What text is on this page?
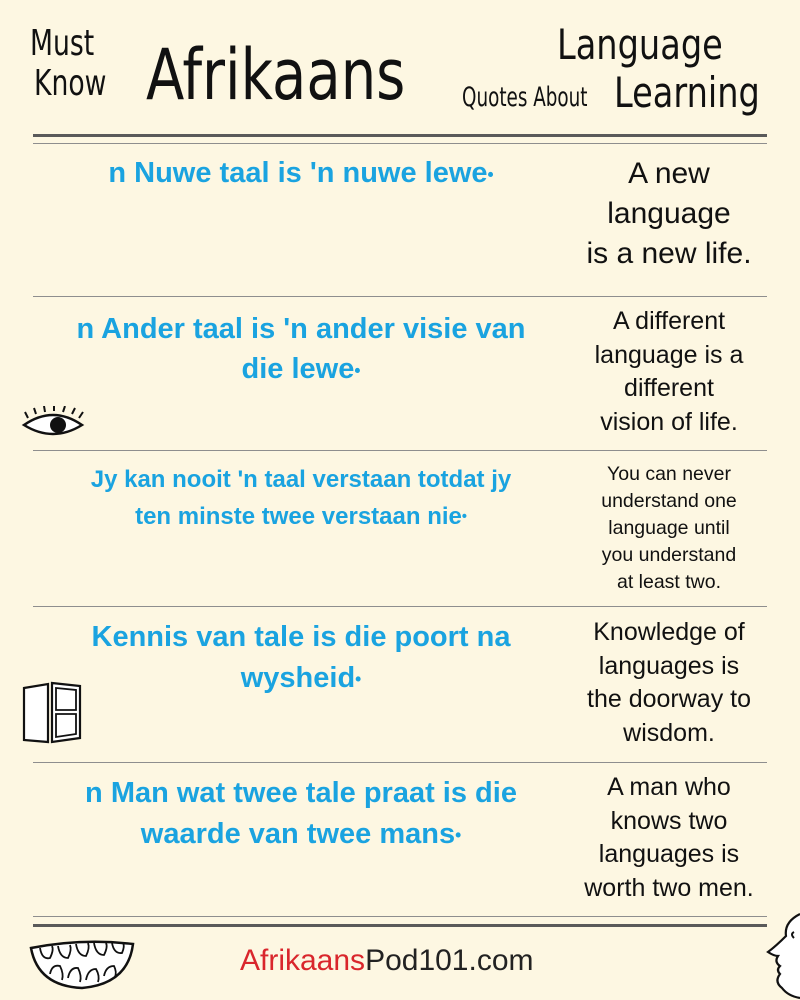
Must
Know Afrikaans	Language
Quotes About Learning
n Nuwe taal is 'n nuwe lewe•	A new
language
is a new life.
n Ander taal is 'n ander visie van
die lewe•
A different
language is a
different
vision of life.
Jy kan nooit 'n taal verstaan totdat jy
ten minste twee verstaan nie•
You can never
understand one
language until
you understand
at least two.
Kennis van tale is die poort na
wysheid•
Knowledge of
languages is
the doorway to
wisdom.
n Man wat twee tale praat is die
waarde van twee mans•
A man who
knows two
languages is
worth two men.
AfrikaansPod101.com
